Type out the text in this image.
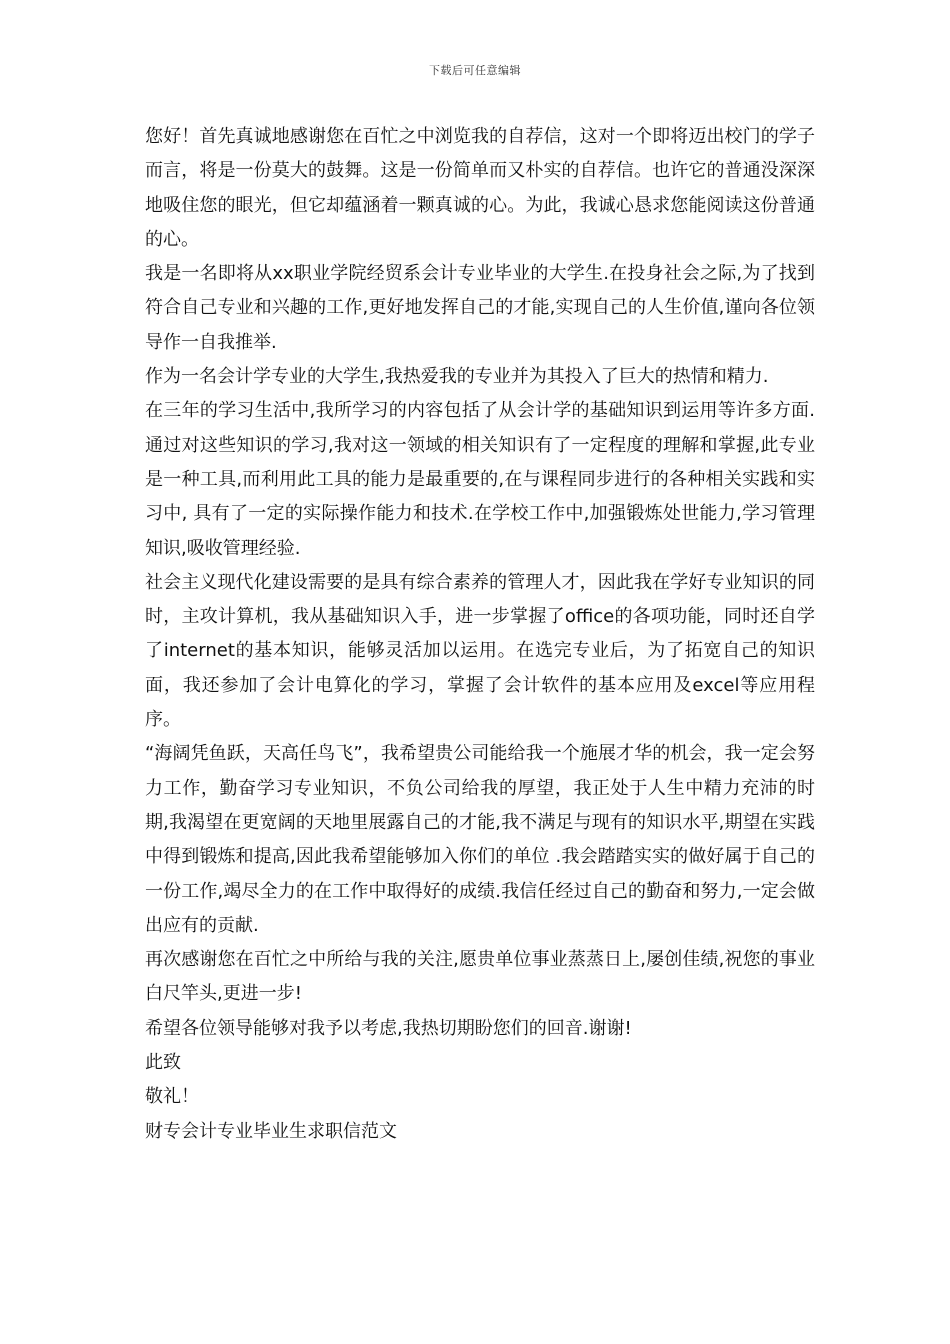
下载后可任意编辑

您好！首先真诚地感谢您在百忙之中浏览我的自荐信，这对一个即将迈出校门的学子而言，将是一份莫大的鼓舞。这是一份简单而又朴实的自荐信。也许它的普通没深深地吸住您的眼光，但它却蕴涵着一颗真诚的心。为此，我诚心恳求您能阅读这份普通的心。

我是一名即将从xx职业学院经贸系会计专业毕业的大学生.在投身社会之际,为了找到符合自己专业和兴趣的工作,更好地发挥自己的才能,实现自己的人生价值,谨向各位领导作一自我推举.

作为一名会计学专业的大学生,我热爱我的专业并为其投入了巨大的热情和精力.

在三年的学习生活中,我所学习的内容包括了从会计学的基础知识到运用等许多方面.通过对这些知识的学习,我对这一领域的相关知识有了一定程度的理解和掌握,此专业是一种工具,而利用此工具的能力是最重要的,在与课程同步进行的各种相关实践和实习中, 具有了一定的实际操作能力和技术.在学校工作中,加强锻炼处世能力,学习管理知识,吸收管理经验.

社会主义现代化建设需要的是具有综合素养的管理人才，因此我在学好专业知识的同时，主攻计算机，我从基础知识入手，进一步掌握了office的各项功能，同时还自学了internet的基本知识，能够灵活加以运用。在选完专业后，为了拓宽自己的知识面，我还参加了会计电算化的学习，掌握了会计软件的基本应用及excel等应用程序。

“海阔凭鱼跃，天高任鸟飞”，我希望贵公司能给我一个施展才华的机会，我一定会努力工作，勤奋学习专业知识，不负公司给我的厚望，我正处于人生中精力充沛的时期,我渴望在更宽阔的天地里展露自己的才能,我不满足与现有的知识水平,期望在实践中得到锻炼和提高,因此我希望能够加入你们的单位 .我会踏踏实实的做好属于自己的一份工作,竭尽全力的在工作中取得好的成绩.我信任经过自己的勤奋和努力,一定会做出应有的贡献.

再次感谢您在百忙之中所给与我的关注,愿贵单位事业蒸蒸日上,屡创佳绩,祝您的事业白尺竿头,更进一步!

希望各位领导能够对我予以考虑,我热切期盼您们的回音.谢谢!

此致

敬礼！

财专会计专业毕业生求职信范文
